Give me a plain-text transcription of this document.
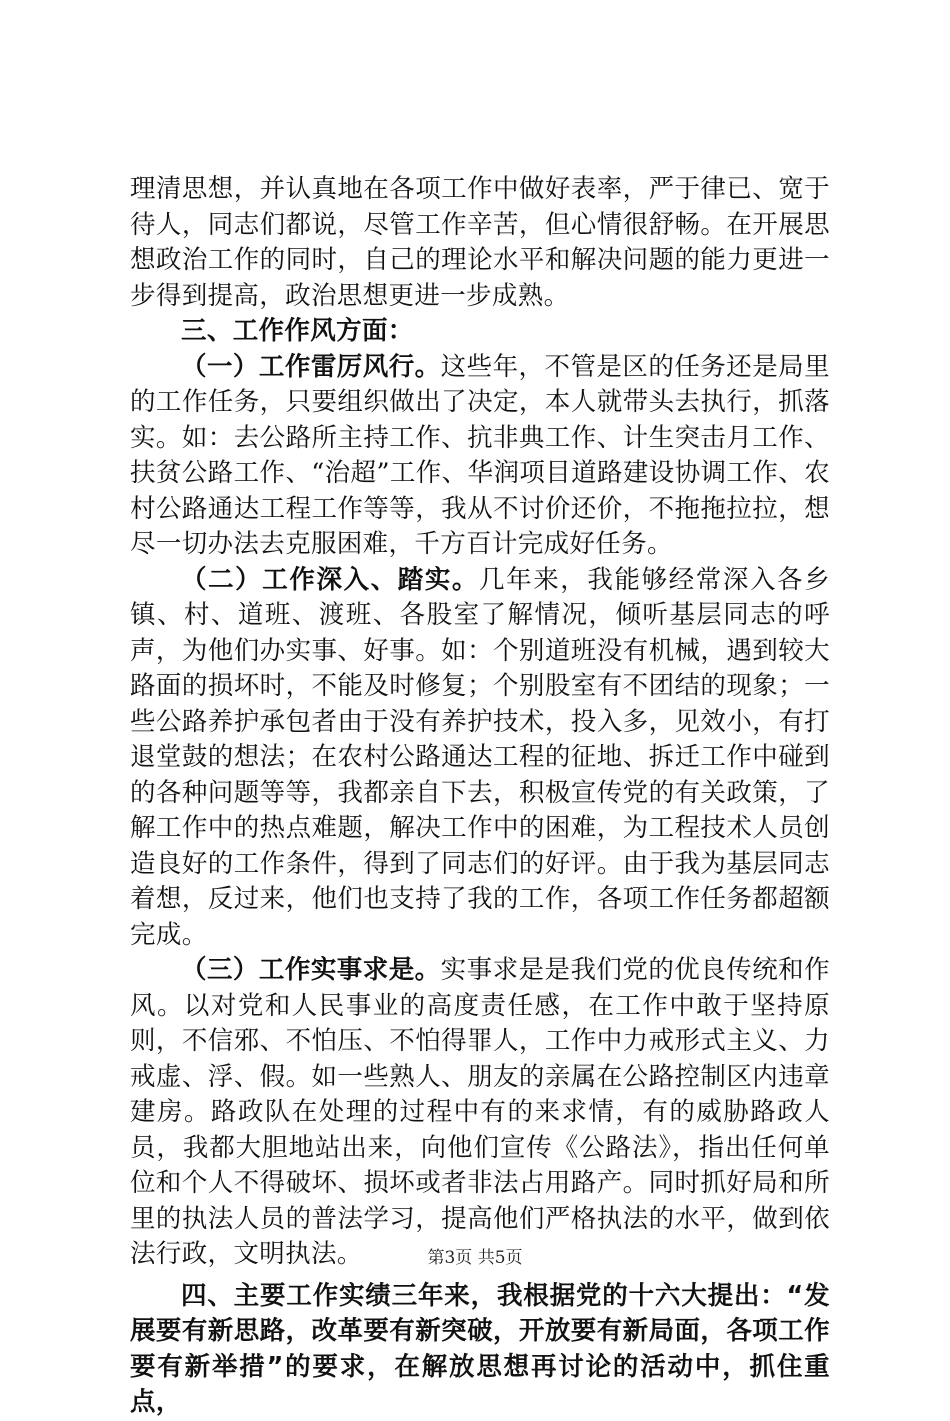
理清思想，并认真地在各项工作中做好表率，严于律已、宽于待人，同志们都说，尽管工作辛苦，但心情很舒畅。在开展思想政治工作的同时，自己的理论水平和解决问题的能力更进一步得到提高，政治思想更进一步成熟。

三、工作作风方面：

（一）工作雷厉风行。这些年，不管是区的任务还是局里的工作任务，只要组织做出了决定，本人就带头去执行，抓落实。如：去公路所主持工作、抗非典工作、计生突击月工作、扶贫公路工作、“治超”工作、华润项目道路建设协调工作、农村公路通达工程工作等等，我从不讨价还价，不拖拖拉拉，想尽一切办法去克服困难，千方百计完成好任务。

（二）工作深入、踏实。几年来，我能够经常深入各乡镇、村、道班、渡班、各股室了解情况，倾听基层同志的呼声，为他们办实事、好事。如：个别道班没有机械，遇到较大路面的损坏时，不能及时修复；个别股室有不团结的现象；一些公路养护承包者由于没有养护技术，投入多，见效小，有打退堂鼓的想法；在农村公路通达工程的征地、拆迁工作中碰到的各种问题等等，我都亲自下去，积极宣传党的有关政策，了解工作中的热点难题，解决工作中的困难，为工程技术人员创造良好的工作条件，得到了同志们的好评。由于我为基层同志着想，反过来，他们也支持了我的工作，各项工作任务都超额完成。

（三）工作实事求是。实事求是是我们党的优良传统和作风。以对党和人民事业的高度责任感，在工作中敢于坚持原则，不信邪、不怕压、不怕得罪人，工作中力戒形式主义、力戒虚、浮、假。如一些熟人、朋友的亲属在公路控制区内违章建房。路政队在处理的过程中有的来求情，有的威胁路政人员，我都大胆地站出来，向他们宣传《公路法》，指出任何单位和个人不得破坏、损坏或者非法占用路产。同时抓好局和所里的执法人员的普法学习，提高他们严格执法的水平，做到依法行政，文明执法。

四、主要工作实绩三年来，我根据党的十六大提出：“发展要有新思路，改革要有新突破，开放要有新局面，各项工作要有新举措”的要求，在解放思想再讨论的活动中，抓住重点，

第3页 共5页
